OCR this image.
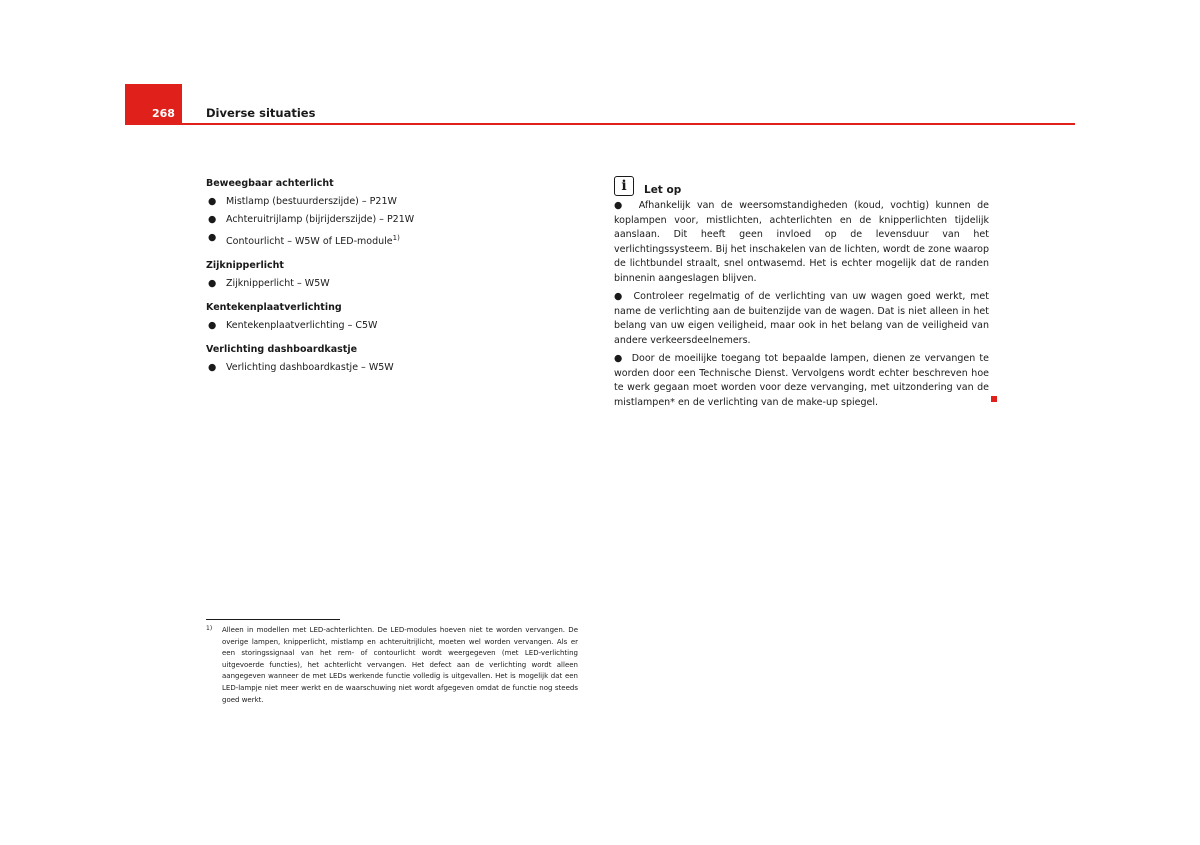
268	Diverse situaties
Beweegbaar achterlicht
● Mistlamp (bestuurderszijde) – P21W
● Achteruitrijlamp (bijrijderszijde) – P21W
● Contourlicht – W5W of LED-module$^{1)}$
Zijknipperlicht
● Zijknipperlicht – W5W
Kentekenplaatverlichting
● Kentekenplaatverlichting – C5W
Verlichting dashboardkastje
● Verlichting dashboardkastje – W5W
i Let op

● Afhankelijk van de weersomstandigheden (koud, vochtig) kunnen de koplampen voor, mistlichten, achterlichten en de knipperlichten tijdelijk aanslaan. Dit heeft geen invloed op de levensduur van het verlichtingssysteem. Bij het inschakelen van de lichten, wordt de zone waarop de lichtbundel straalt, snel ontwasemd. Het is echter mogelijk dat de randen binnenin aangeslagen blijven.

● Controleer regelmatig of de verlichting van uw wagen goed werkt, met name de verlichting aan de buitenzijde van de wagen. Dat is niet alleen in het belang van uw eigen veiligheid, maar ook in het belang van de veiligheid van andere verkeersdeelnemers.

● Door de moeilijke toegang tot bepaalde lampen, dienen ze vervangen te worden door een Technische Dienst. Vervolgens wordt echter beschreven hoe te werk gegaan moet worden voor deze vervanging, met uitzondering van de mistlampen* en de verlichting van de make-up spiegel.

1) Alleen in modellen met LED-achterlichten. De LED-modules hoeven niet te worden vervangen. De overige lampen, knipperlicht, mistlamp en achteruitrijlicht, moeten wel worden vervangen. Als er een storingssignaal van het rem- of contourlicht wordt weergegeven (met LED-verlichting uitgevoerde functies), het achterlicht vervangen. Het defect aan de verlichting wordt alleen aangegeven wanneer de met LEDs werkende functie volledig is uitgevallen. Het is mogelijk dat een LED-lampje niet meer werkt en de waarschuwing niet wordt afgegeven omdat de functie nog steeds goed werkt.
